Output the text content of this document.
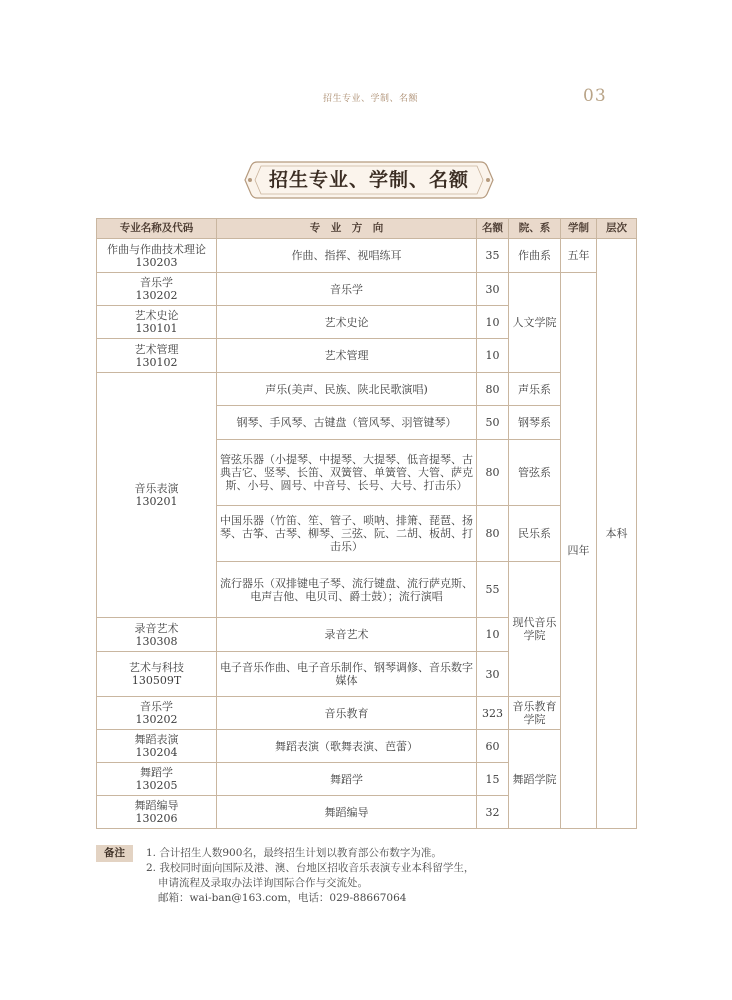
招生专业、学制、名额	03
招生专业、学制、名额
专业名称及代码	专　业　方　向	名额	院、系	学制	层次

作曲与作曲技术理论
130203	作曲、指挥、视唱练耳	35	作曲系	五年	本科

音乐学
130202	音乐学	30	人文学院	四年	

艺术史论
130101	艺术史论	10			

艺术管理
130102	艺术管理	10			

音乐表演
130201	声乐(美声、民族、陕北民歌演唱)	80	声乐系		
	钢琴、手风琴、古键盘（管风琴、羽管键琴）	50	钢琴系		
	管弦乐器（小提琴、中提琴、大提琴、低音提琴、古典吉它、竖琴、长笛、双簧管、单簧管、大管、萨克斯、小号、圆号、中音号、长号、大号、打击乐）	80	管弦系		
	中国乐器（竹笛、笙、管子、唢呐、排箫、琵琶、扬琴、古筝、古琴、柳琴、三弦、阮、二胡、板胡、打击乐）	80	民乐系		
	流行器乐（双排键电子琴、流行键盘、流行萨克斯、电声吉他、电贝司、爵士鼓）；流行演唱	55	现代音乐学院		

录音艺术
130308	录音艺术	10			

艺术与科技
130509T	电子音乐作曲、电子音乐制作、钢琴调修、音乐数字媒体	30			

音乐学
130202	音乐教育	323	音乐教育学院		

舞蹈表演
130204	舞蹈表演（歌舞表演、芭蕾）	60	舞蹈学院		

舞蹈学
130205	舞蹈学	15			

舞蹈编导
130206	舞蹈编导	32			
备注	1. 合计招生人数900名，最终招生计划以教育部公布数字为准。
2. 我校同时面向国际及港、澳、台地区招收音乐表演专业本科留学生，
申请流程及录取办法详询国际合作与交流处。
邮箱：wai-ban@163.com，电话：029-88667064
